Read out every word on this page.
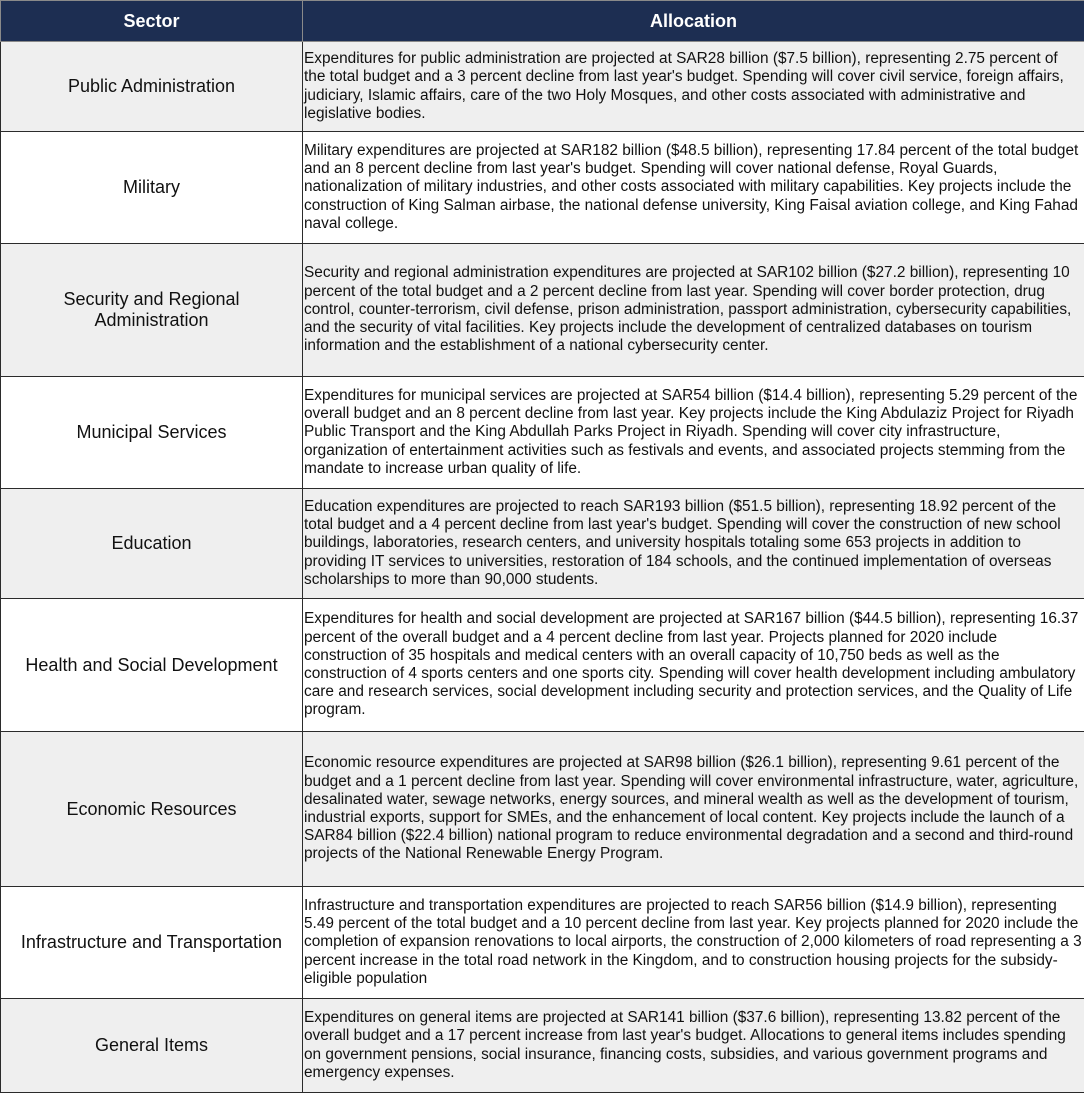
Sector	Allocation
Public Administration	Expenditures for public administration are projected at SAR28 billion ($7.5 billion), representing 2.75 percent of the total budget and a 3 percent decline from last year's budget. Spending will cover civil service, foreign affairs, judiciary, Islamic affairs, care of the two Holy Mosques, and other costs associated with administrative and legislative bodies.
Military	Military expenditures are projected at SAR182 billion ($48.5 billion), representing 17.84 percent of the total budget and an 8 percent decline from last year's budget. Spending will cover national defense, Royal Guards, nationalization of military industries, and other costs associated with military capabilities. Key projects include the construction of King Salman airbase, the national defense university, King Faisal aviation college, and King Fahad naval college.
Security and Regional Administration	Security and regional administration expenditures are projected at SAR102 billion ($27.2 billion), representing 10 percent of the total budget and a 2 percent decline from last year. Spending will cover border protection, drug control, counter-terrorism, civil defense, prison administration, passport administration, cybersecurity capabilities, and the security of vital facilities. Key projects include the development of centralized databases on tourism information and the establishment of a national cybersecurity center.
Municipal Services	Expenditures for municipal services are projected at SAR54 billion ($14.4 billion), representing 5.29 percent of the overall budget and an 8 percent decline from last year. Key projects include the King Abdulaziz Project for Riyadh Public Transport and the King Abdullah Parks Project in Riyadh. Spending will cover city infrastructure, organization of entertainment activities such as festivals and events, and associated projects stemming from the mandate to increase urban quality of life.
Education	Education expenditures are projected to reach SAR193 billion ($51.5 billion), representing 18.92 percent of the total budget and a 4 percent decline from last year's budget. Spending will cover the construction of new school buildings, laboratories, research centers, and university hospitals totaling some 653 projects in addition to providing IT services to universities, restoration of 184 schools, and the continued implementation of overseas scholarships to more than 90,000 students.
Health and Social Development	Expenditures for health and social development are projected at SAR167 billion ($44.5 billion), representing 16.37 percent of the overall budget and a 4 percent decline from last year. Projects planned for 2020 include construction of 35 hospitals and medical centers with an overall capacity of 10,750 beds as well as the construction of 4 sports centers and one sports city. Spending will cover health development including ambulatory care and research services, social development including security and protection services, and the Quality of Life program.
Economic Resources	Economic resource expenditures are projected at SAR98 billion ($26.1 billion), representing 9.61 percent of the budget and a 1 percent decline from last year. Spending will cover environmental infrastructure, water, agriculture, desalinated water, sewage networks, energy sources, and mineral wealth as well as the development of tourism, industrial exports, support for SMEs, and the enhancement of local content. Key projects include the launch of a SAR84 billion ($22.4 billion) national program to reduce environmental degradation and a second and third-round projects of the National Renewable Energy Program.
Infrastructure and Transportation	Infrastructure and transportation expenditures are projected to reach SAR56 billion ($14.9 billion), representing 5.49 percent of the total budget and a 10 percent decline from last year. Key projects planned for 2020 include the completion of expansion renovations to local airports, the construction of 2,000 kilometers of road representing a 3 percent increase in the total road network in the Kingdom, and to construction housing projects for the subsidy-eligible population
General Items	Expenditures on general items are projected at SAR141 billion ($37.6 billion), representing 13.82 percent of the overall budget and a 17 percent increase from last year's budget. Allocations to general items includes spending on government pensions, social insurance, financing costs, subsidies, and various government programs and emergency expenses.
